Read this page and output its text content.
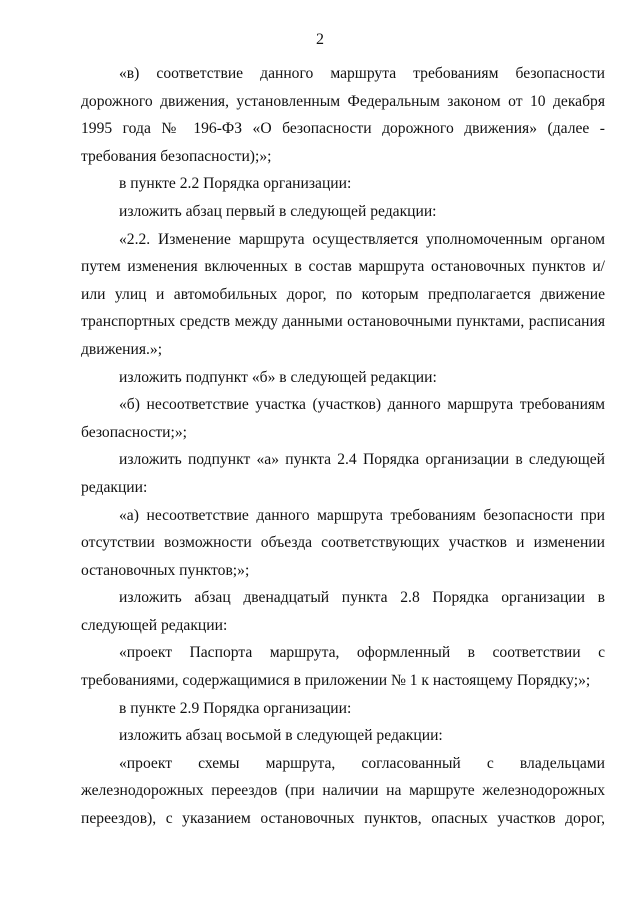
2

«в) соответствие данного маршрута требованиям безопасности дорожного движения, установленным Федеральным законом от 10 декабря 1995 года № 196-ФЗ «О безопасности дорожного движения» (далее - требования безопасности);»;

в пункте 2.2 Порядка организации:

изложить абзац первый в следующей редакции:

«2.2. Изменение маршрута осуществляется уполномоченным органом путем изменения включенных в состав маршрута остановочных пунктов и/или улиц и автомобильных дорог, по которым предполагается движение транспортных средств между данными остановочными пунктами, расписания движения.»;

изложить подпункт «б» в следующей редакции:

«б) несоответствие участка (участков) данного маршрута требованиям безопасности;»;

изложить подпункт «а» пункта 2.4 Порядка организации в следующей редакции:

«а) несоответствие данного маршрута требованиям безопасности при отсутствии возможности объезда соответствующих участков и изменении остановочных пунктов;»;

изложить абзац двенадцатый пункта 2.8 Порядка организации в следующей редакции:

«проект Паспорта маршрута, оформленный в соответствии с требованиями, содержащимися в приложении № 1 к настоящему Порядку;»;

в пункте 2.9 Порядка организации:

изложить абзац восьмой в следующей редакции:

«проект схемы маршрута, согласованный с владельцами железнодорожных переездов (при наличии на маршруте железнодорожных переездов), с указанием остановочных пунктов, опасных участков дорог,
